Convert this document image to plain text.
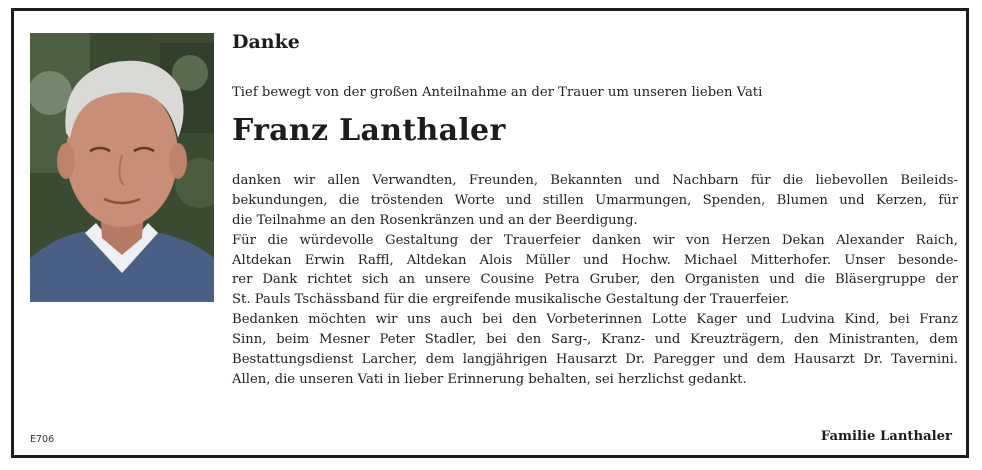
Danke

Tief bewegt von der großen Anteilnahme an der Trauer um unseren lieben Vati

Franz Lanthaler

danken wir allen Verwandten, Freunden, Bekannten und Nachbarn für die liebevollen Beileids-
bekundungen, die tröstenden Worte und stillen Umarmungen, Spenden, Blumen und Kerzen, für
die Teilnahme an den Rosenkränzen und an der Beerdigung.
Für die würdevolle Gestaltung der Trauerfeier danken wir von Herzen Dekan Alexander Raich,
Altdekan Erwin Raffl, Altdekan Alois Müller und Hochw. Michael Mitterhofer. Unser besonde-
rer Dank richtet sich an unsere Cousine Petra Gruber, den Organisten und die Bläsergruppe der
St. Pauls Tschässband für die ergreifende musikalische Gestaltung der Trauerfeier.
Bedanken möchten wir uns auch bei den Vorbeterinnen Lotte Kager und Ludvina Kind, bei Franz
Sinn, beim Mesner Peter Stadler, bei den Sarg-, Kranz- und Kreuzträgern, den Ministranten, dem
Bestattungsdienst Larcher, dem langjährigen Hausarzt Dr. Paregger und dem Hausarzt Dr. Tavernini.
Allen, die unseren Vati in lieber Erinnerung behalten, sei herzlichst gedankt.

Familie Lanthaler

E706
